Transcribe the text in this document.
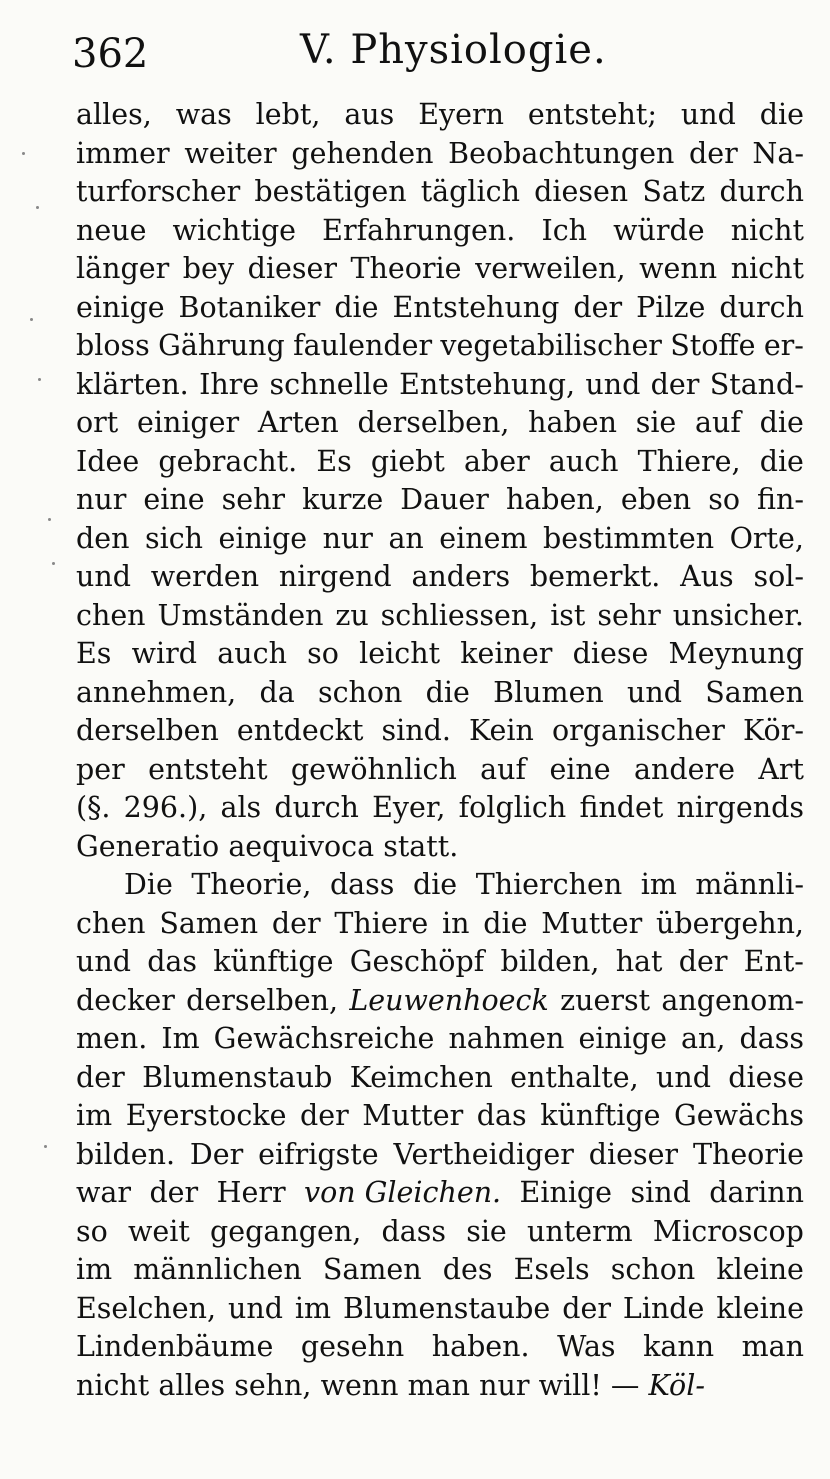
362	V. Physiologie.
alles, was lebt, aus Eyern entsteht; und die
immer weiter gehenden Beobachtungen der Na-
turforscher bestätigen täglich diesen Satz durch
neue wichtige Erfahrungen. Ich würde nicht
länger bey dieser Theorie verweilen, wenn nicht
einige Botaniker die Entstehung der Pilze durch
bloss Gährung faulender vegetabilischer Stoffe er-
klärten. Ihre schnelle Entstehung, und der Stand-
ort einiger Arten derselben, haben sie auf die
Idee gebracht. Es giebt aber auch Thiere, die
nur eine sehr kurze Dauer haben, eben so fin-
den sich einige nur an einem bestimmten Orte,
und werden nirgend anders bemerkt. Aus sol-
chen Umständen zu schliessen, ist sehr unsicher.
Es wird auch so leicht keiner diese Meynung
annehmen, da schon die Blumen und Samen
derselben entdeckt sind. Kein organischer Kör-
per entsteht gewöhnlich auf eine andere Art
(§. 296.), als durch Eyer, folglich findet nirgends
Generatio aequivoca statt.
Die Theorie, dass die Thierchen im männli-
chen Samen der Thiere in die Mutter übergehn,
und das künftige Geschöpf bilden, hat der Ent-
decker derselben, Leuwenhoeck zuerst angenom-
men. Im Gewächsreiche nahmen einige an, dass
der Blumenstaub Keimchen enthalte, und diese
im Eyerstocke der Mutter das künftige Gewächs
bilden. Der eifrigste Vertheidiger dieser Theorie
war der Herr von Gleichen. Einige sind darinn
so weit gegangen, dass sie unterm Microscop
im männlichen Samen des Esels schon kleine
Eselchen, und im Blumenstaube der Linde kleine
Lindenbäume gesehn haben. Was kann man
nicht alles sehn, wenn man nur will! — Köl-
